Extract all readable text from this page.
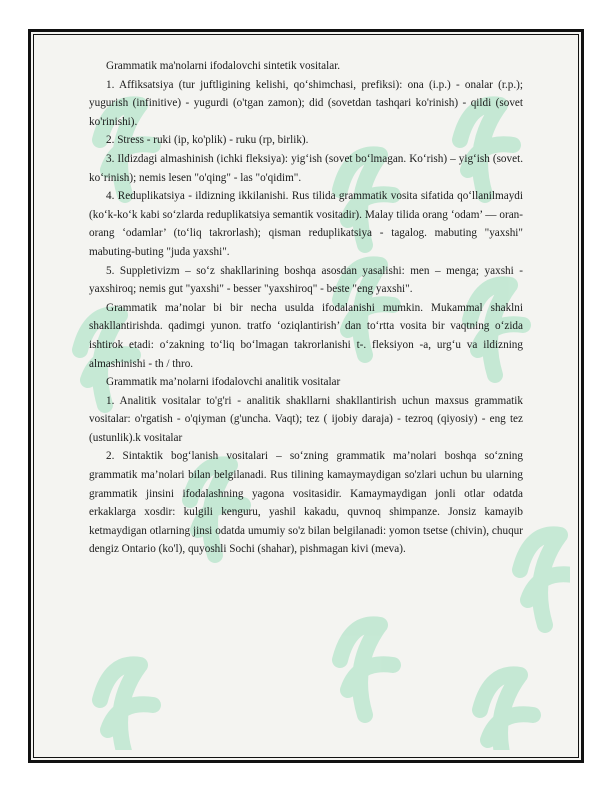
Grammatik ma'nolarni ifodalovchi sintetik vositalar.

1. Affiksatsiya (tur juftligining kelishi, qo‘shimchasi, prefiksi): ona (i.p.) - onalar (r.p.); yugurish (infinitive) - yugurdi (o'tgan zamon); did (sovetdan tashqari ko'rinish) - qildi (sovet ko'rinishi).

2. Stress - ruki (ip, ko'plik) - ruku (rp, birlik).

3. Ildizdagi almashinish (ichki fleksiya): yig‘ish (sovet bo‘lmagan. Ko‘rish) – yig‘ish (sovet. ko‘rinish); nemis lesen "o'qing" - las "o'qidim".

4. Reduplikatsiya - ildizning ikkilanishi. Rus tilida grammatik vosita sifatida qo‘llanilmaydi (ko‘k-ko‘k kabi so‘zlarda reduplikatsiya semantik vositadir). Malay tilida orang ‘odam’ — oran-orang ‘odamlar’ (to‘liq takrorlash); qisman reduplikatsiya - tagalog. mabuting "yaxshi" mabuting-buting "juda yaxshi".

5. Suppletivizm – so‘z shakllarining boshqa asosdan yasalishi: men – menga; yaxshi - yaxshiroq; nemis gut "yaxshi" - besser "yaxshiroq" - beste "eng yaxshi".

Grammatik ma’nolar bi bir necha usulda ifodalanishi mumkin. Mukammal shaklni shakllantirishda. qadimgi yunon. tratfo ‘oziqlantirish’ dan to‘rtta vosita bir vaqtning o‘zida ishtirok etadi: o‘zakning to‘liq bo‘lmagan takrorlanishi t-. fleksiyon -a, urg‘u va ildizning almashinishi - th / thro.

Grammatik ma’nolarni ifodalovchi analitik vositalar

1. Analitik vositalar to'g'ri - analitik shakllarni shakllantirish uchun maxsus grammatik vositalar: o'rgatish - o'qiyman (g'uncha. Vaqt); tez ( ijobiy daraja) - tezroq (qiyosiy) - eng tez (ustunlik).k vositalar

2. Sintaktik bog‘lanish vositalari – so‘zning grammatik ma’nolari boshqa so‘zning grammatik ma’nolari bilan belgilanadi. Rus tilining kamaymaydigan so'zlari uchun bu ularning grammatik jinsini ifodalashning yagona vositasidir. Kamaymaydigan jonli otlar odatda erkaklarga xosdir: kulgili kenguru, yashil kakadu, quvnoq shimpanze. Jonsiz kamayib ketmaydigan otlarning jinsi odatda umumiy so'z bilan belgilanadi: yomon tsetse (chivin), chuqur dengiz Ontario (ko'l), quyoshli Sochi (shahar), pishmagan kivi (meva).
